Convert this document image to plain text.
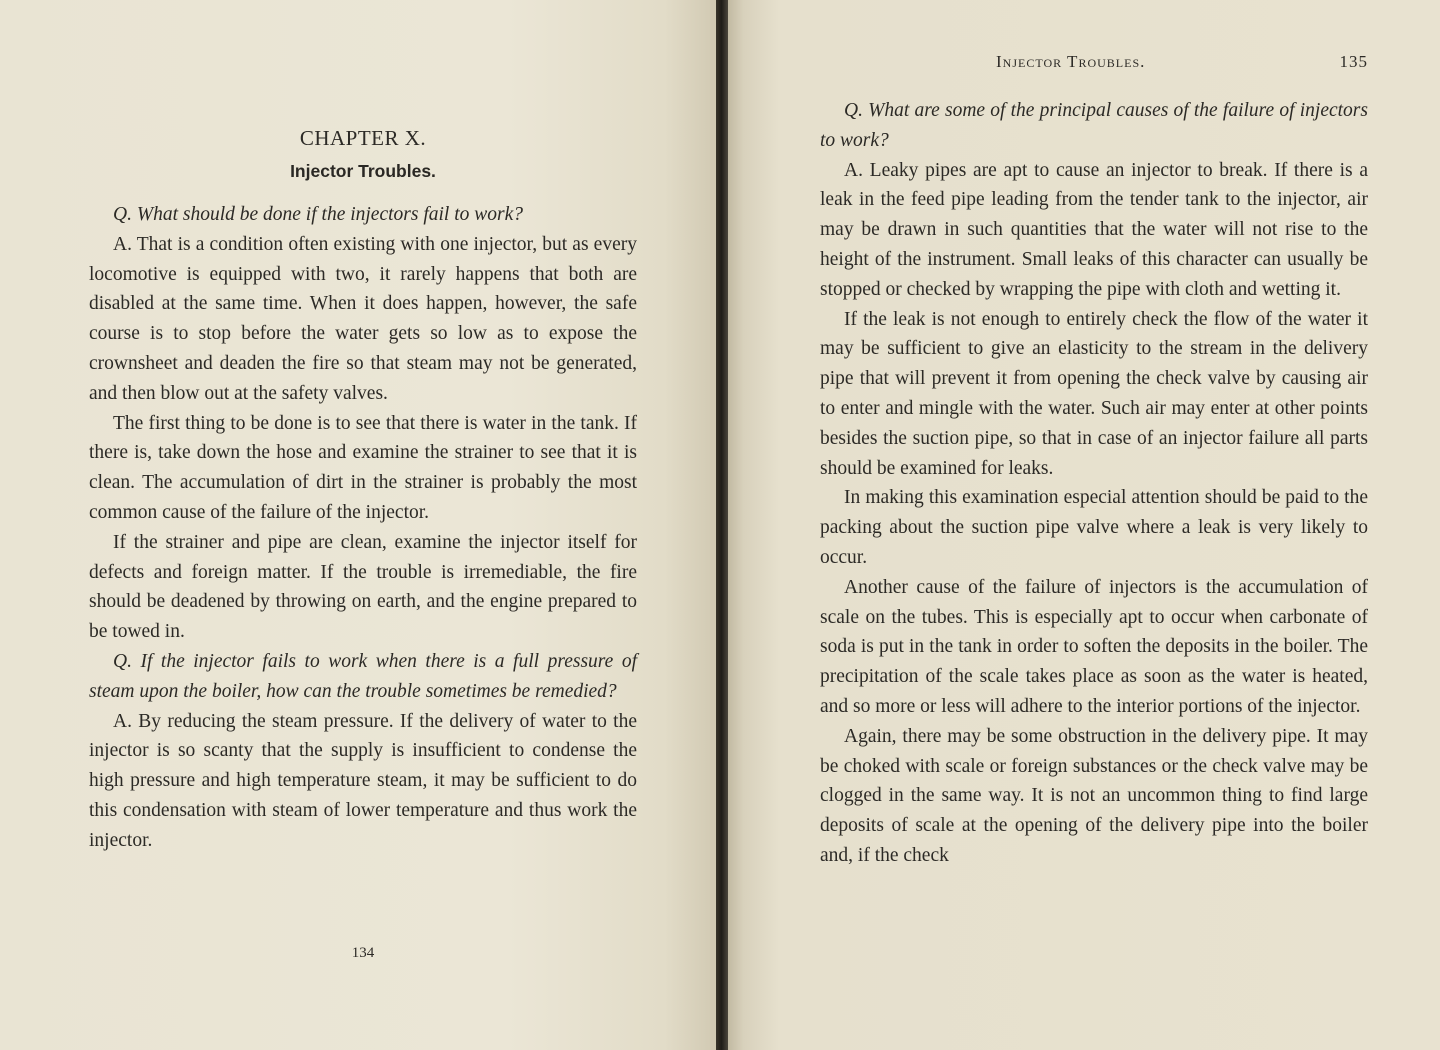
CHAPTER X.
Injector Troubles.

Q. What should be done if the injectors fail to work?

A. That is a condition often existing with one injector, but as every locomotive is equipped with two, it rarely happens that both are disabled at the same time. When it does happen, however, the safe course is to stop before the water gets so low as to expose the crownsheet and deaden the fire so that steam may not be generated, and then blow out at the safety valves.

The first thing to be done is to see that there is water in the tank. If there is, take down the hose and examine the strainer to see that it is clean. The accumulation of dirt in the strainer is probably the most common cause of the failure of the injector.

If the strainer and pipe are clean, examine the injector itself for defects and foreign matter. If the trouble is irremediable, the fire should be deadened by throwing on earth, and the engine prepared to be towed in.

Q. If the injector fails to work when there is a full pressure of steam upon the boiler, how can the trouble sometimes be remedied?

A. By reducing the steam pressure. If the delivery of water to the injector is so scanty that the supply is insufficient to condense the high pressure and high temperature steam, it may be sufficient to do this condensation with steam of lower temperature and thus work the injector.

134
Injector Troubles.	135

Q. What are some of the principal causes of the failure of injectors to work?

A. Leaky pipes are apt to cause an injector to break. If there is a leak in the feed pipe leading from the tender tank to the injector, air may be drawn in such quantities that the water will not rise to the height of the instrument. Small leaks of this character can usually be stopped or checked by wrapping the pipe with cloth and wetting it.

If the leak is not enough to entirely check the flow of the water it may be sufficient to give an elasticity to the stream in the delivery pipe that will prevent it from opening the check valve by causing air to enter and mingle with the water. Such air may enter at other points besides the suction pipe, so that in case of an injector failure all parts should be examined for leaks.

In making this examination especial attention should be paid to the packing about the suction pipe valve where a leak is very likely to occur.

Another cause of the failure of injectors is the accumulation of scale on the tubes. This is especially apt to occur when carbonate of soda is put in the tank in order to soften the deposits in the boiler. The precipitation of the scale takes place as soon as the water is heated, and so more or less will adhere to the interior portions of the injector.

Again, there may be some obstruction in the delivery pipe. It may be choked with scale or foreign substances or the check valve may be clogged in the same way. It is not an uncommon thing to find large deposits of scale at the opening of the delivery pipe into the boiler and, if the check
